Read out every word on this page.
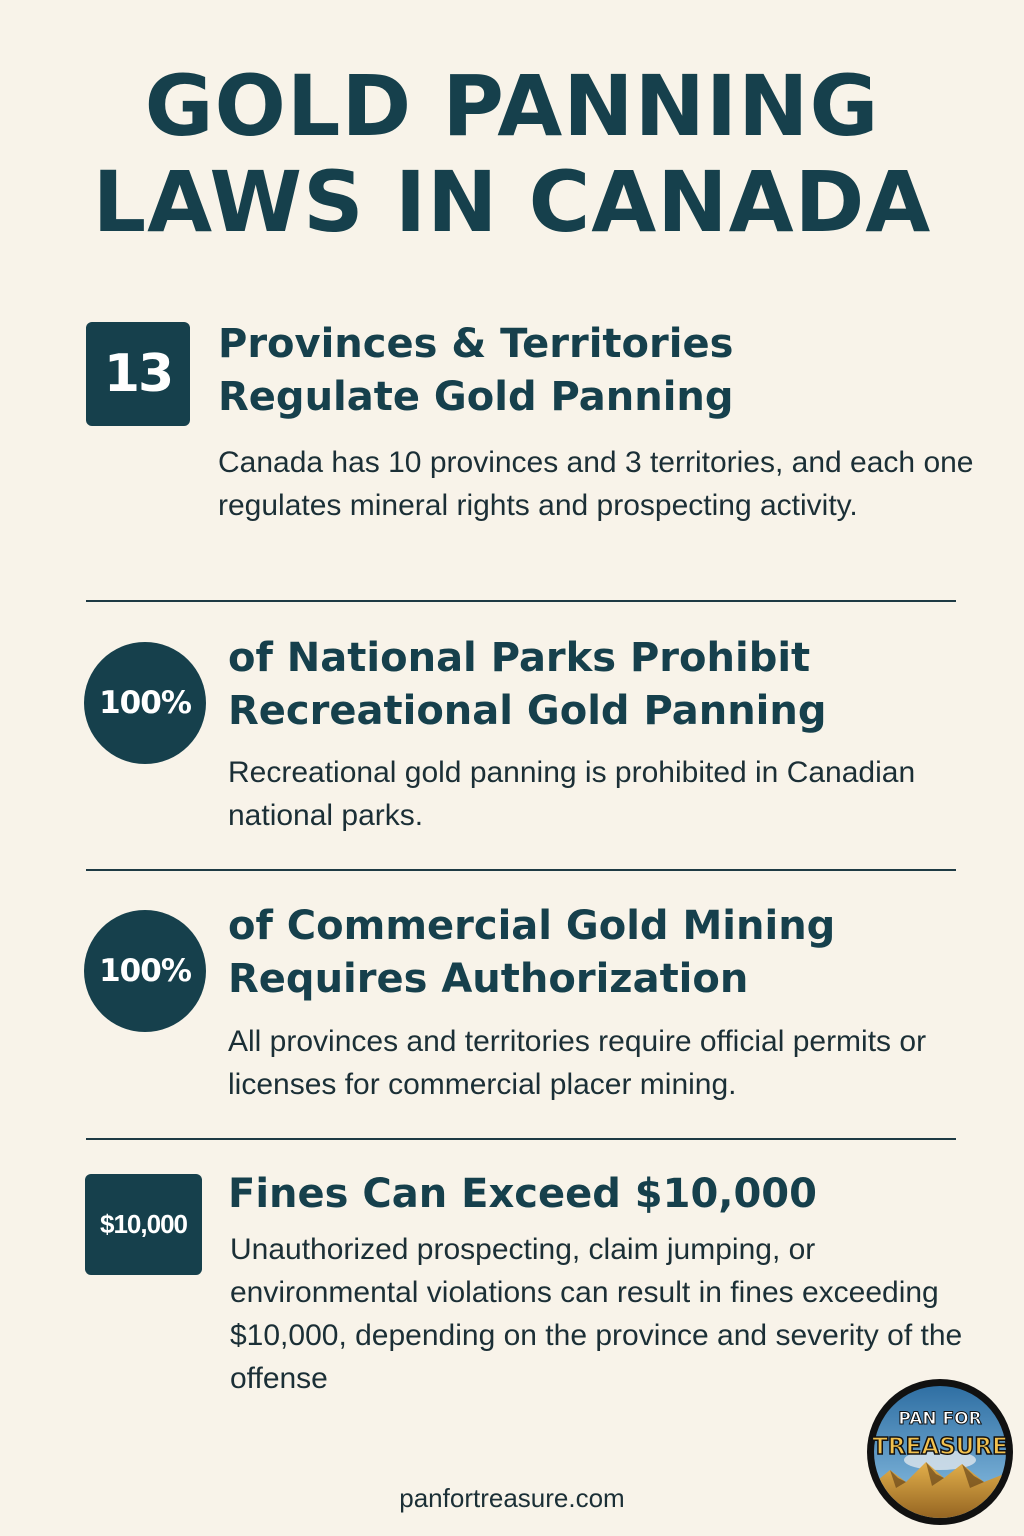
GOLD PANNING
LAWS IN CANADA
13	Provinces & Territories
Regulate Gold Panning

Canada has 10 provinces and 3 territories, and each one regulates mineral rights and prospecting activity.

100%
of National Parks Prohibit
Recreational Gold Panning

Recreational gold panning is prohibited in Canadian national parks.

100%
of Commercial Gold Mining
Requires Authorization

All provinces and territories require official permits or licenses for commercial placer mining.

$10,000
Fines Can Exceed $10,000

Unauthorized prospecting, claim jumping, or environmental violations can result in fines exceeding $10,000, depending on the province and severity of the offense

panfortreasure.com

PAN FOR
TREASURE
